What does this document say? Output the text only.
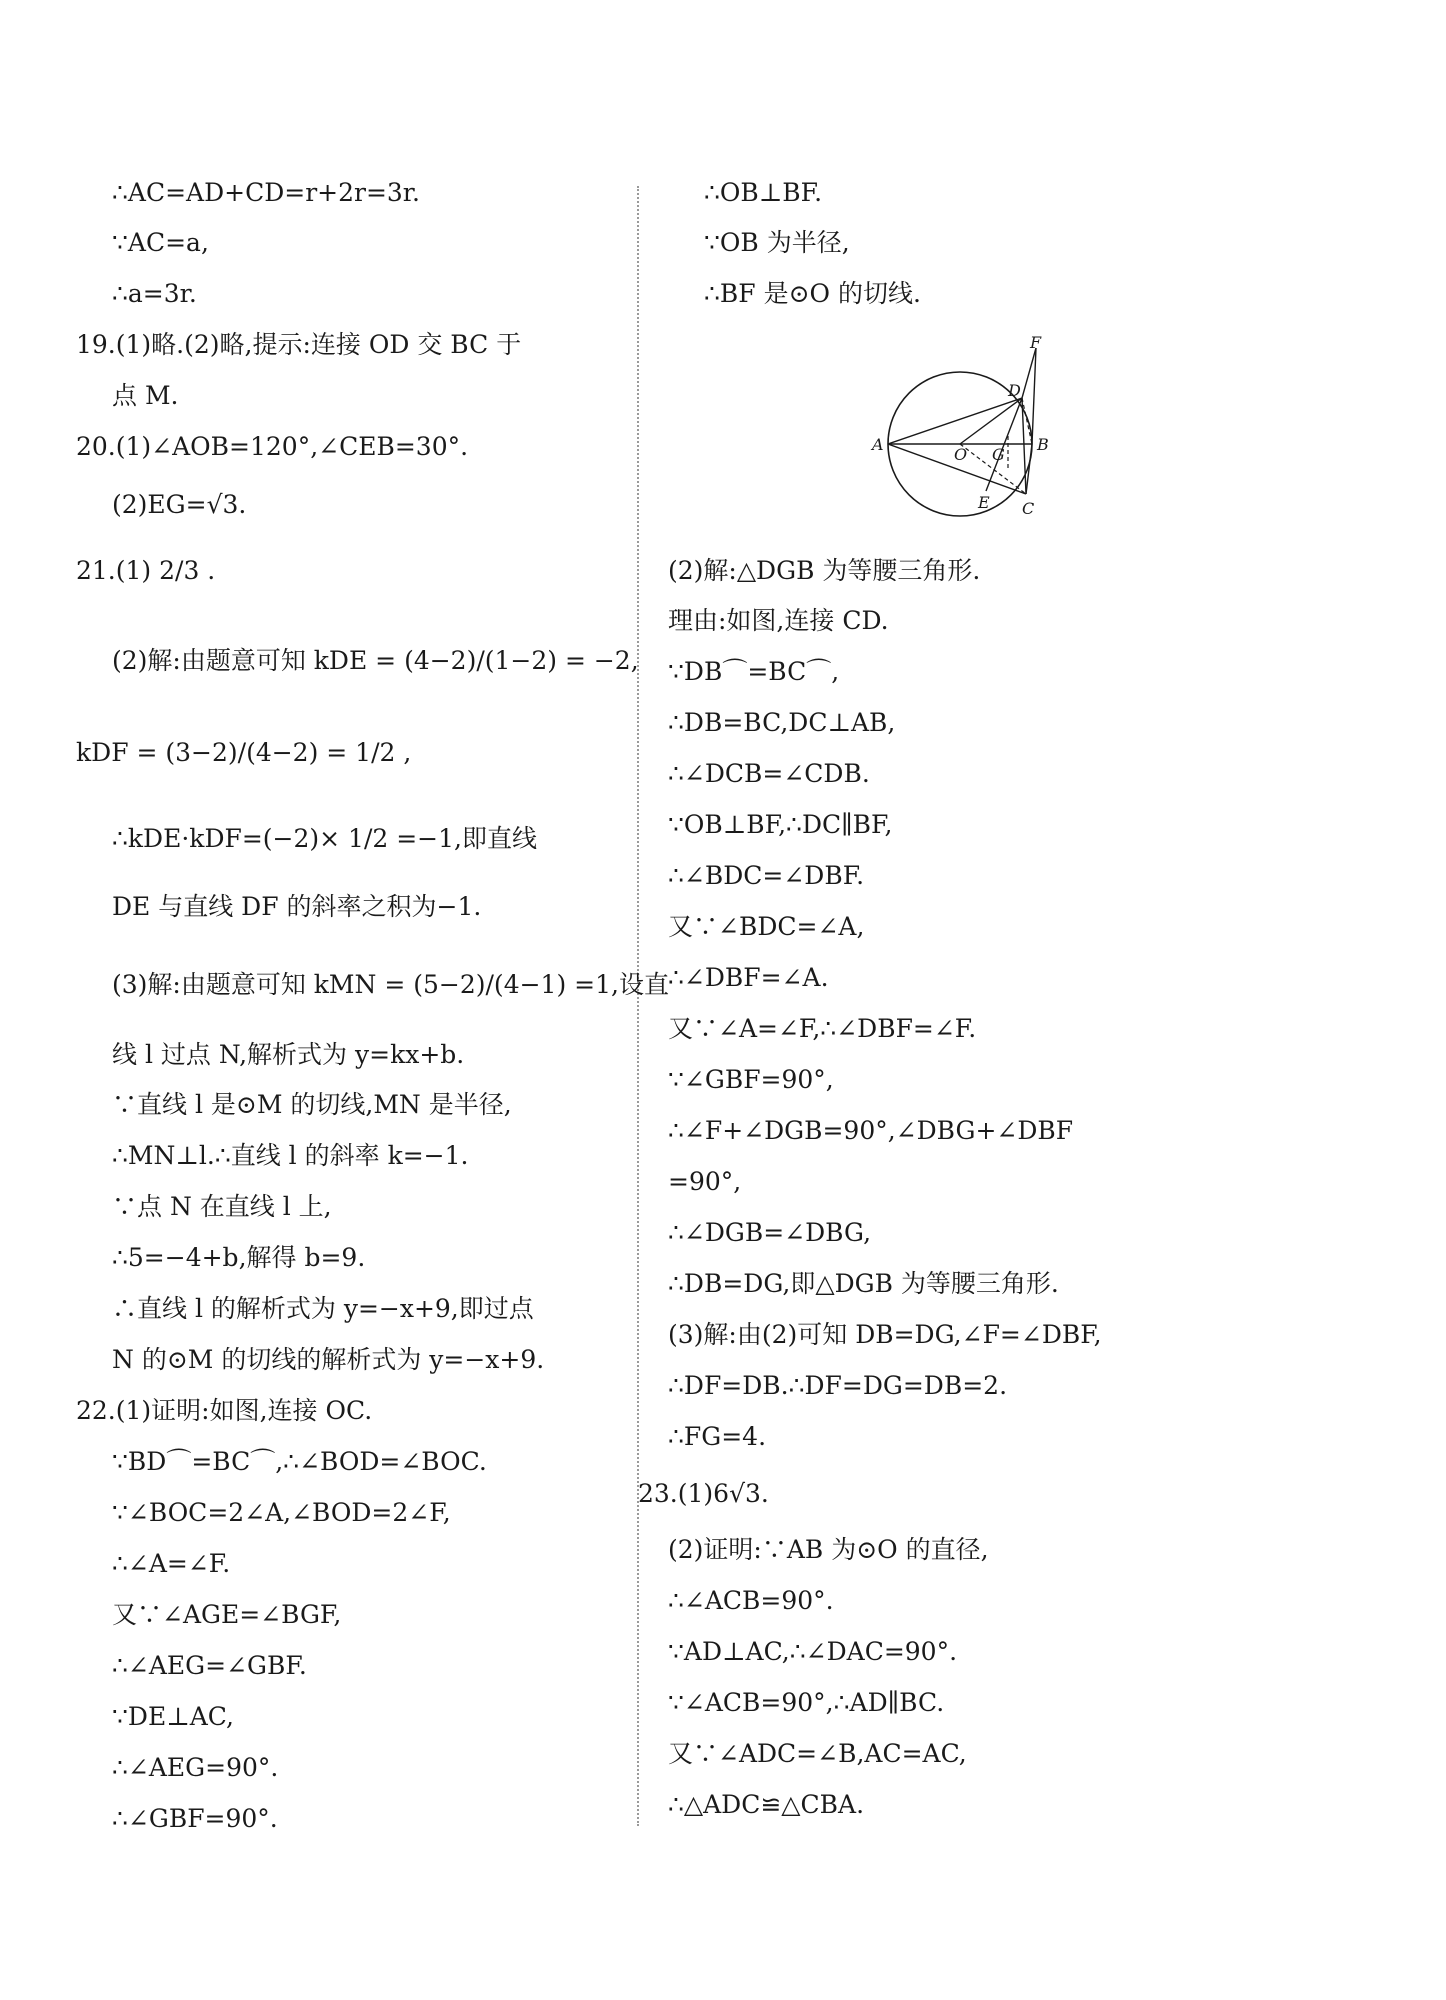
∴AC=AD+CD=r+2r=3r.
∵AC=a,
∴a=3r.
19.(1)略.(2)略,提示:连接 OD 交 BC 于
点 M.
20.(1)∠AOB=120°,∠CEB=30°.
(2)EG=√3.
21.(1) 2/3 .
(2)解:由题意可知 kDE = (4−2)/(1−2) = −2,
kDF = (3−2)/(4−2) = 1/2 ,
∴kDE·kDF=(−2)× 1/2 =−1,即直线
DE 与直线 DF 的斜率之积为−1.
(3)解:由题意可知 kMN = (5−2)/(4−1) =1,设直
线 l 过点 N,解析式为 y=kx+b.
∵直线 l 是⊙M 的切线,MN 是半径,
∴MN⊥l.∴直线 l 的斜率 k=−1.
∵点 N 在直线 l 上,
∴5=−4+b,解得 b=9.
∴直线 l 的解析式为 y=−x+9,即过点
N 的⊙M 的切线的解析式为 y=−x+9.
22.(1)证明:如图,连接 OC.
∵BD⌒=BC⌒,∴∠BOD=∠BOC.
∵∠BOC=2∠A,∠BOD=2∠F,
∴∠A=∠F.
又∵∠AGE=∠BGF,
∴∠AEG=∠GBF.
∵DE⊥AC,
∴∠AEG=90°.
∴∠GBF=90°.
∴OB⊥BF.
∵OB 为半径,
∴BF 是⊙O 的切线.
F
D
A
O G
B
E C
(2)解:△DGB 为等腰三角形.
理由:如图,连接 CD.
∵DB⌒=BC⌒,
∴DB=BC,DC⊥AB,
∴∠DCB=∠CDB.
∵OB⊥BF,∴DC∥BF,
∴∠BDC=∠DBF.
又∵∠BDC=∠A,
∴∠DBF=∠A.
又∵∠A=∠F,∴∠DBF=∠F.
∵∠GBF=90°,
∴∠F+∠DGB=90°,∠DBG+∠DBF
=90°,
∴∠DGB=∠DBG,
∴DB=DG,即△DGB 为等腰三角形.
(3)解:由(2)可知 DB=DG,∠F=∠DBF,
∴DF=DB.∴DF=DG=DB=2.
∴FG=4.
23.(1)6√3.
(2)证明:∵AB 为⊙O 的直径,
∴∠ACB=90°.
∵AD⊥AC,∴∠DAC=90°.
∵∠ACB=90°,∴AD∥BC.
又∵∠ADC=∠B,AC=AC,
∴△ADC≌△CBA.
